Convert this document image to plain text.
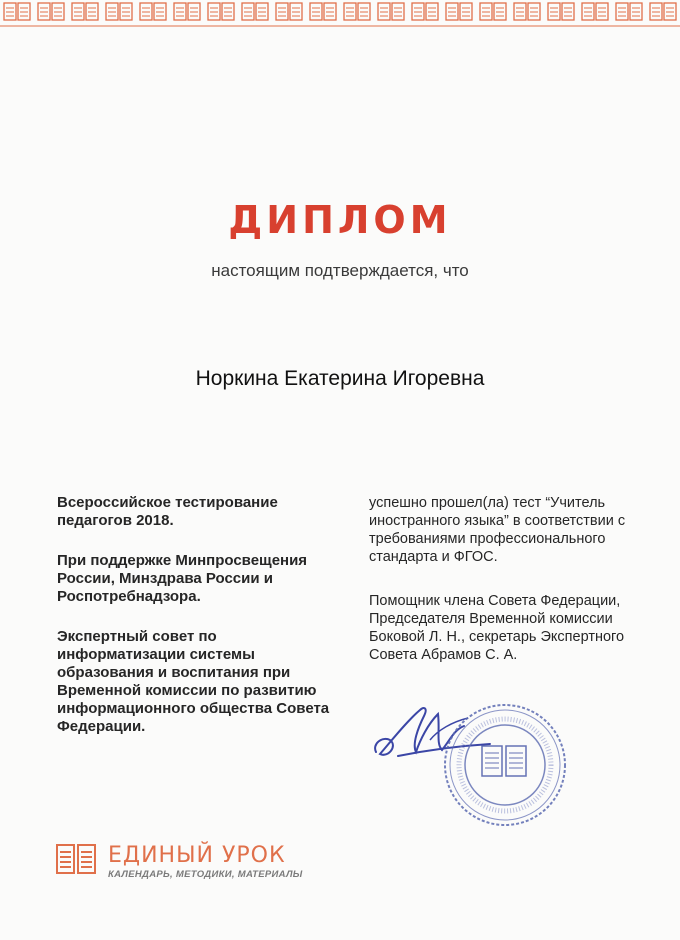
ДИПЛОМ
настоящим подтверждается, что
Норкина Екатерина Игоревна

Всероссийское тестирование педагогов 2018.

При поддержке Минпросвещения России, Минздрава России и Роспотребнадзора.

Экспертный совет по информатизации системы образования и воспитания при Временной комиссии по развитию информационного общества Совета Федерации.

успешно прошел(ла) тест “Учитель иностранного языка” в соответствии с требованиями профессионального стандарта и ФГОС.

Помощник члена Совета Федерации, Председателя Временной комиссии Боковой Л. Н., секретарь Экспертного Совета Абрамов С. А.

ЕДИНЫЙ УРОК
КАЛЕНДАРЬ, МЕТОДИКИ, МАТЕРИАЛЫ
